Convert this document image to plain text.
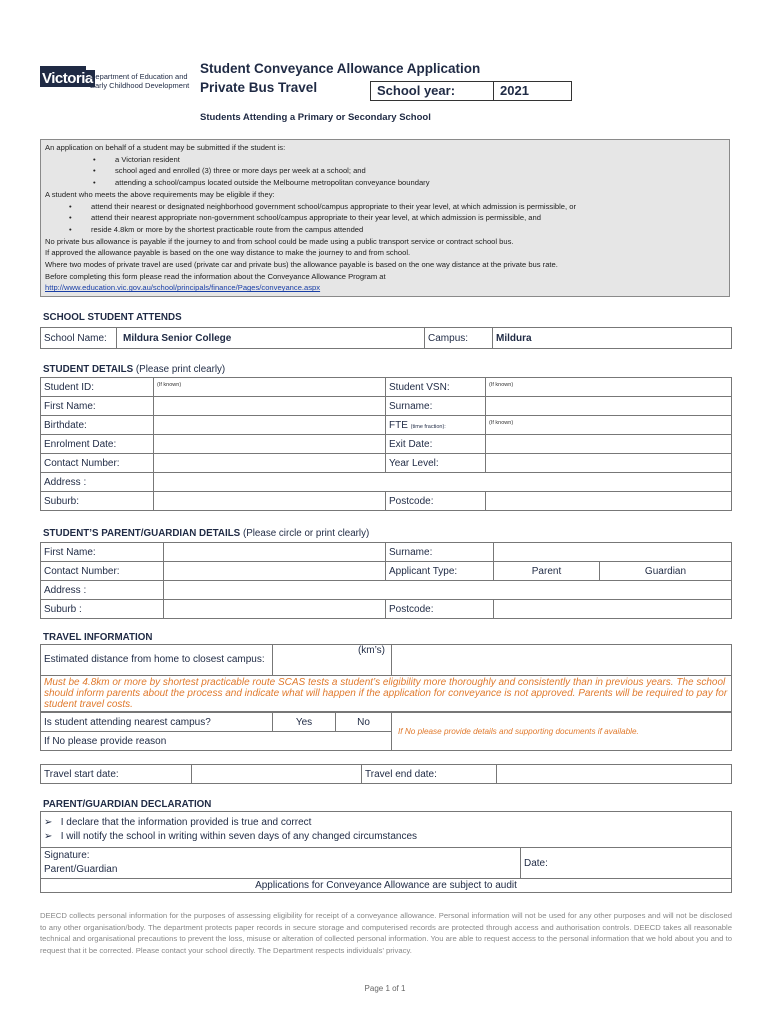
Victoria
Department of Education and Early Childhood Development
Student Conveyance Allowance Application
Private Bus Travel	School year:	2021
Students Attending a Primary or Secondary School

An application on behalf of a student may be submitted if the student is:

• a Victorian resident

• school aged and enrolled (3) three or more days per week at a school; and

• attending a school/campus located outside the Melbourne metropolitan conveyance boundary

A student who meets the above requirements may be eligible if they:

• attend their nearest or designated neighborhood government school/campus appropriate to their year level, at which admission is permissible, or

• attend their nearest appropriate non-government school/campus appropriate to their year level, at which admission is permissible, and

• reside 4.8km or more by the shortest practicable route from the campus attended

No private bus allowance is payable if the journey to and from school could be made using a public transport service or contract school bus.

If approved the allowance payable is based on the one way distance to make the journey to and from school.

Where two modes of private travel are used (private car and private bus) the allowance payable is based on the one way distance at the private bus rate.

Before completing this form please read the information about the Conveyance Allowance Program at

http://www.education.vic.gov.au/school/principals/finance/Pages/conveyance.aspx

SCHOOL STUDENT ATTENDS
School Name:	Mildura Senior College	Campus:	Mildura
STUDENT DETAILS (Please print clearly)
Student ID:	$^{(If known)}$	Student VSN:	$^{(If known)}$
First Name:		Surname:	
Birthdate:		FTE (time fraction):	$^{(If known)}$
Enrolment Date:		Exit Date:	
Contact Number:		Year Level:	
Address :			
Suburb:		Postcode:	
STUDENT’S PARENT/GUARDIAN DETAILS (Please circle or print clearly)
First Name:		Surname:		
Contact Number:		Applicant Type:	Parent	Guardian
Address :				
Suburb :		Postcode:		
TRAVEL INFORMATION
Estimated distance from home to closest campus:	(km’s)	
Must be 4.8km or more by shortest practicable route SCAS tests a student’s eligibility more thoroughly and consistently than in previous years. The school should inform parents about the process and indicate what will happen if the application for conveyance is not approved. Parents will be required to pay for student travel costs.
Is student attending nearest campus?	Yes	No	If No please provide details and supporting documents if available.
If No please provide reason
Travel start date:		Travel end date:	
PARENT/GUARDIAN DECLARATION
➢   I declare that the information provided is true and correct
➢   I will notify the school in writing within seven days of any changed circumstances

Signature:
Parent/Guardian
	Date:
Applications for Conveyance Allowance are subject to audit
DEECD collects personal information for the purposes of assessing eligibility for receipt of a conveyance allowance. Personal information will not be used for any other purposes and will not be disclosed to any other organisation/body. The department protects paper records in secure storage and computerised records are protected through access and authorisation controls. DEECD takes all reasonable technical and organisational precautions to prevent the loss, misuse or alteration of collected personal information. You are able to request access to the personal information that we hold about you and to request that it be corrected. Please contact your school directly. The Department respects individuals’ privacy.
Page 1 of 1
